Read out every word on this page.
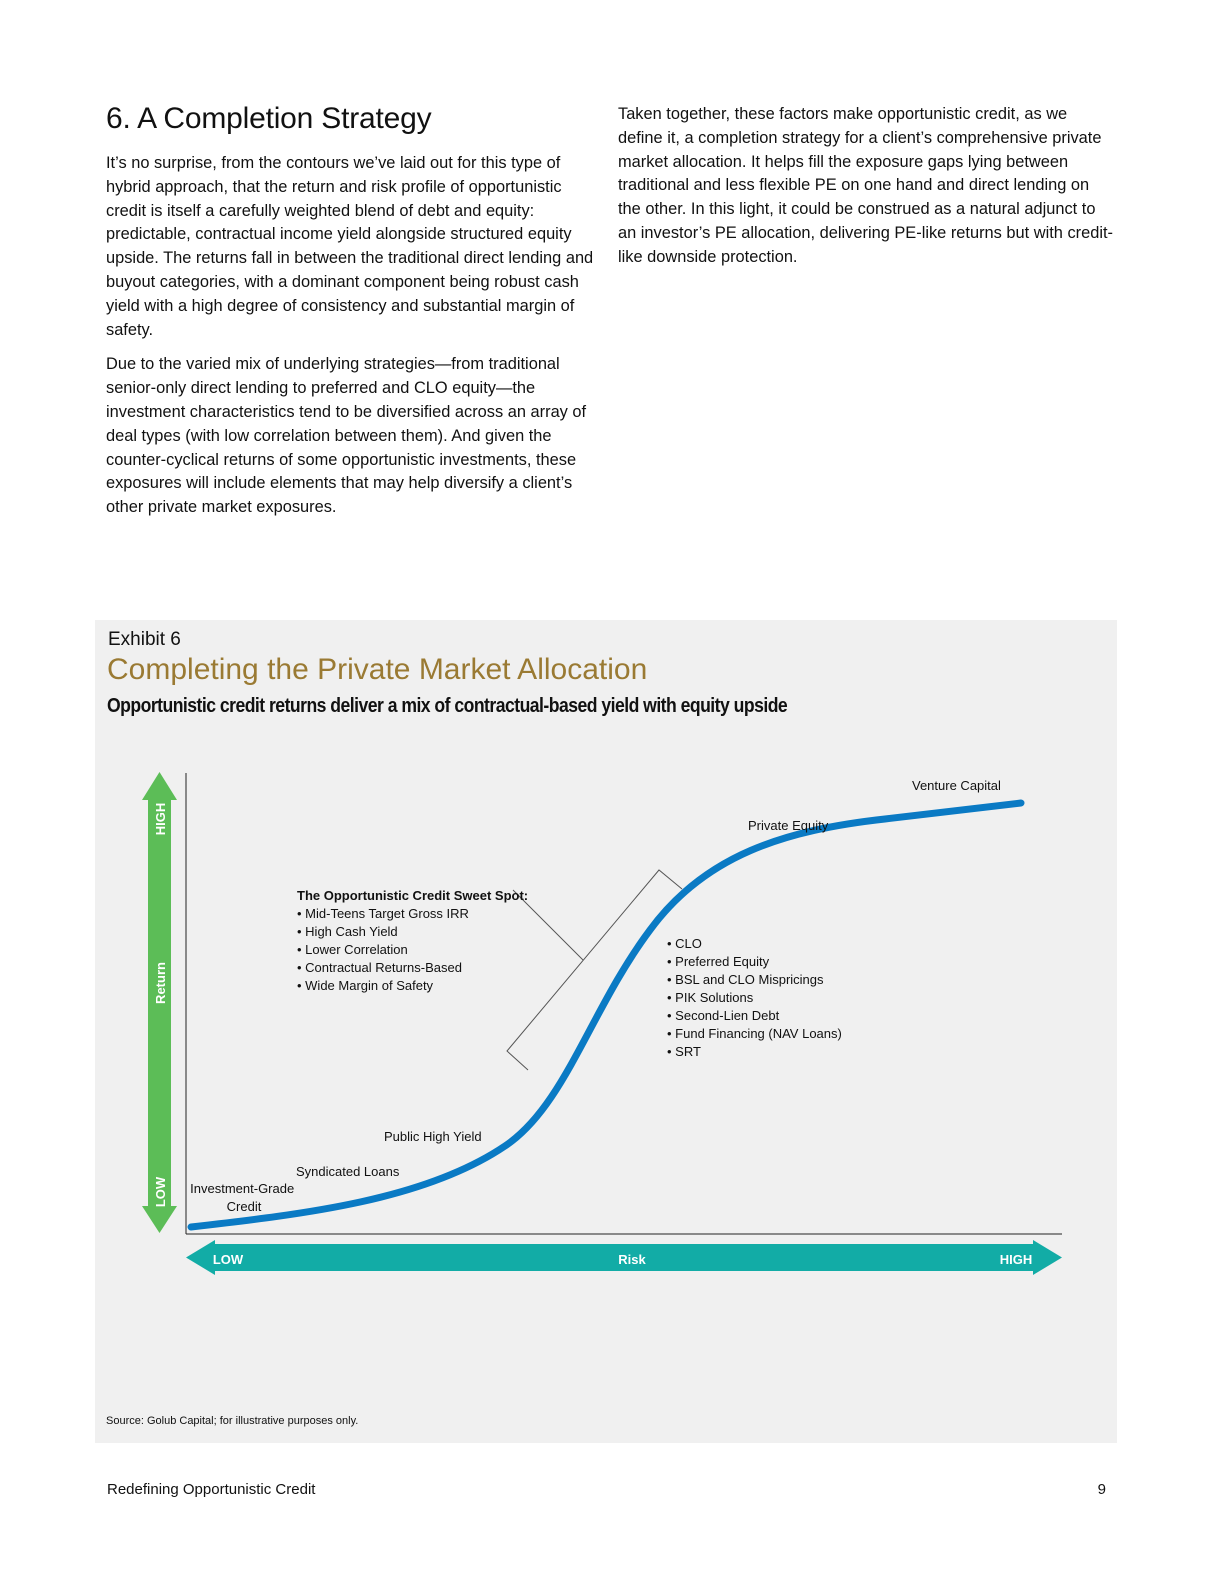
6. A Completion Strategy

It’s no surprise, from the contours we’ve laid out for this type of hybrid approach, that the return and risk profile of opportunistic credit is itself a carefully weighted blend of debt and equity: predictable, contractual income yield alongside structured equity upside. The returns fall in between the traditional direct lending and buyout categories, with a dominant component being robust cash yield with a high degree of consistency and substantial margin of safety.

Due to the varied mix of underlying strategies—from traditional senior-only direct lending to preferred and CLO equity—the investment characteristics tend to be diversified across an array of deal types (with low correlation between them). And given the counter-cyclical returns of some opportunistic investments, these exposures will include elements that may help diversify a client’s other private market exposures.

Taken together, these factors make opportunistic credit, as we define it, a completion strategy for a client’s comprehensive private market allocation. It helps fill the exposure gaps lying between traditional and less flexible PE on one hand and direct lending on the other. In this light, it could be construed as a natural adjunct to an investor’s PE allocation, delivering PE-like returns but with credit-like downside protection.

Exhibit 6
Completing the Private Market Allocation
Opportunistic credit returns deliver a mix of contractual-based yield with equity upside
HIGH
Return
LOW
LOW	Risk	HIGH
Investment-Grade Credit
Syndicated Loans
Public High Yield
Private Equity
Venture Capital
The Opportunistic Credit Sweet Spot:
• Mid-Teens Target Gross IRR
• High Cash Yield
• Lower Correlation
• Contractual Returns-Based
• Wide Margin of Safety
• CLO
• Preferred Equity
• BSL and CLO Mispricings
• PIK Solutions
• Second-Lien Debt
• Fund Financing (NAV Loans)
• SRT
Source: Golub Capital; for illustrative purposes only.
Redefining Opportunistic Credit	9
